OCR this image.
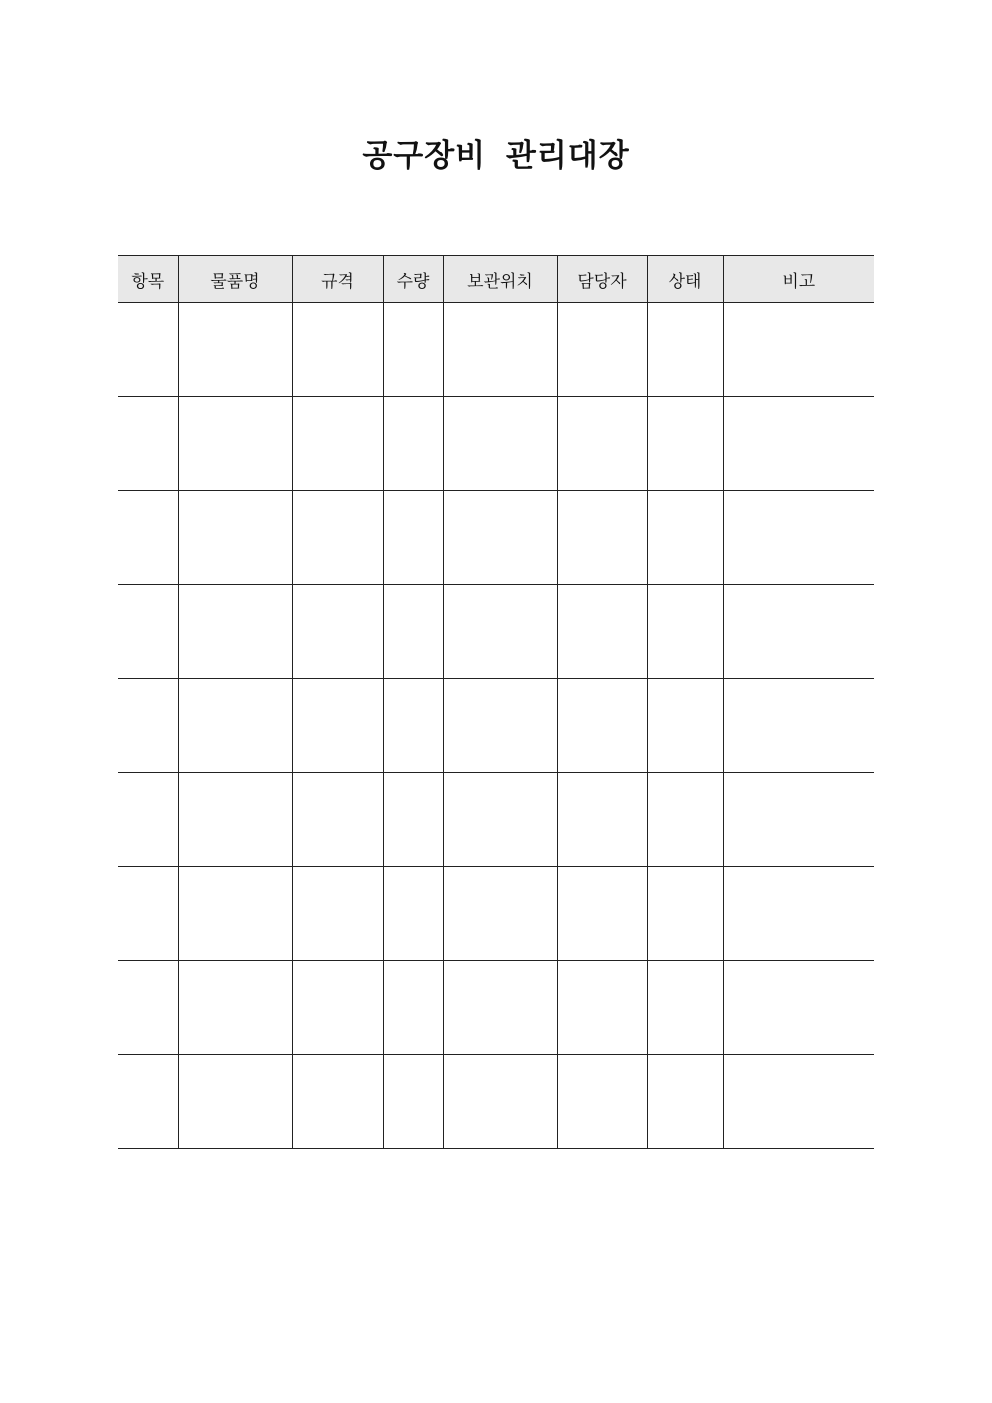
공구장비 관리대장
항목	물품명	규격	수량	보관위치	담당자	상태	비고
